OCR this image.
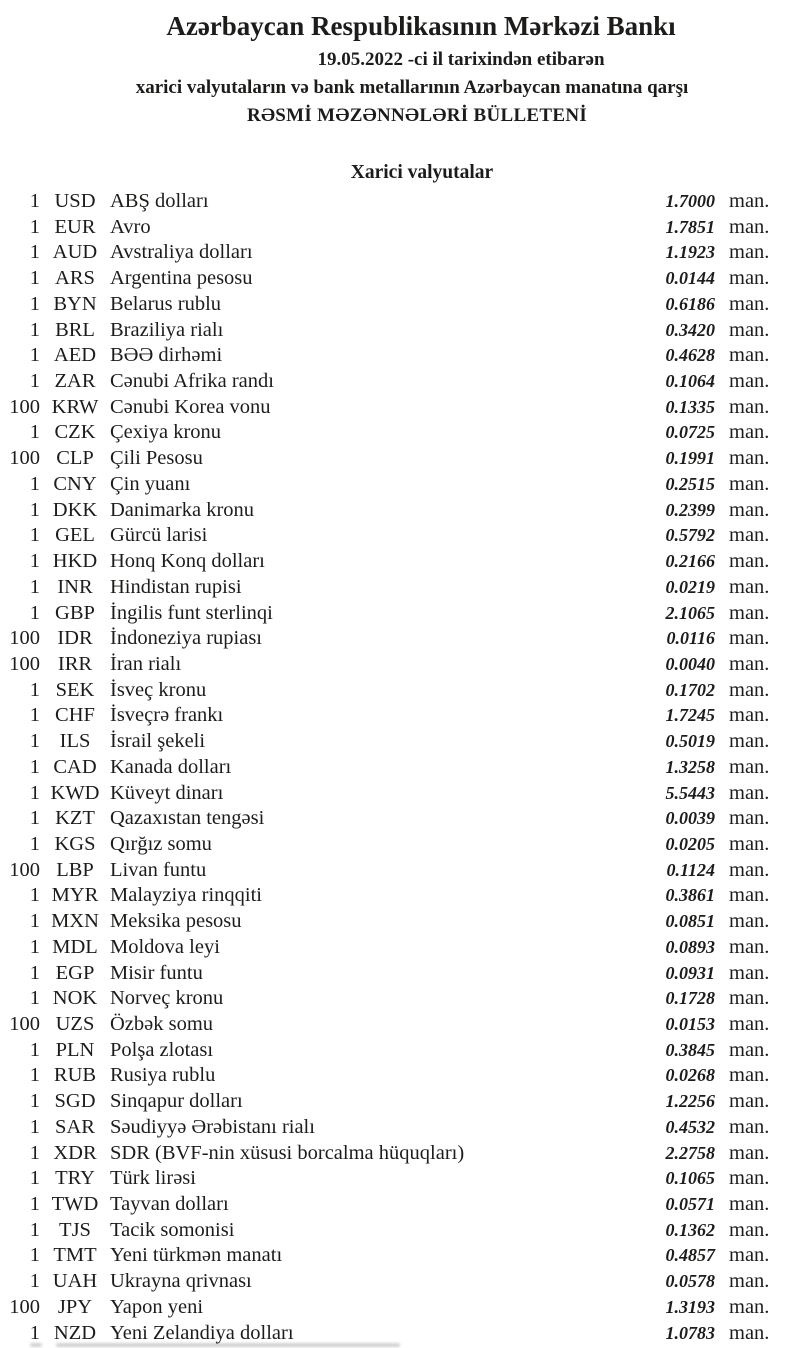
Azərbaycan Respublikasının Mərkəzi Bankı
19.05.2022 -ci il tarixindən etibarən
xarici valyutaların və bank metallarının Azərbaycan manatına qarşı
RƏSMİ MƏZƏNNƏLƏRİ BÜLLETENİ
Xarici valyutalar
1 USD ABŞ dolları	1.7000 man.
1 EUR Avro	1.7851 man.
1 AUD Avstraliya dolları	1.1923 man.
1 ARS Argentina pesosu	0.0144 man.
1 BYN Belarus rublu	0.6186 man.
1 BRL Braziliya rialı	0.3420 man.
1 AED BƏƏ dirhəmi	0.4628 man.
1 ZAR Cənubi Afrika randı	0.1064 man.
100 KRW Cənubi Korea vonu	0.1335 man.
1 CZK Çexiya kronu	0.0725 man.
100 CLP Çili Pesosu	0.1991 man.
1 CNY Çin yuanı	0.2515 man.
1 DKK Danimarka kronu	0.2399 man.
1 GEL Gürcü larisi	0.5792 man.
1 HKD Honq Konq dolları	0.2166 man.
1 INR Hindistan rupisi	0.0219 man.
1 GBP İngilis funt sterlinqi	2.1065 man.
100 IDR İndoneziya rupiası	0.0116 man.
100 IRR İran rialı	0.0040 man.
1 SEK İsveç kronu	0.1702 man.
1 CHF İsveçrə frankı	1.7245 man.
1 ILS İsrail şekeli	0.5019 man.
1 CAD Kanada dolları	1.3258 man.
1 KWD Küveyt dinarı	5.5443 man.
1 KZT Qazaxıstan tengəsi	0.0039 man.
1 KGS Qırğız somu	0.0205 man.
100 LBP Livan funtu	0.1124 man.
1 MYR Malayziya rinqqiti	0.3861 man.
1 MXN Meksika pesosu	0.0851 man.
1 MDL Moldova leyi	0.0893 man.
1 EGP Misir funtu	0.0931 man.
1 NOK Norveç kronu	0.1728 man.
100 UZS Özbək somu	0.0153 man.
1 PLN Polşa zlotası	0.3845 man.
1 RUB Rusiya rublu	0.0268 man.
1 SGD Sinqapur dolları	1.2256 man.
1 SAR Səudiyyə Ərəbistanı rialı	0.4532 man.
1 XDR SDR (BVF-nin xüsusi borcalma hüquqları)	2.2758 man.
1 TRY Türk lirəsi	0.1065 man.
1 TWD Tayvan dolları	0.0571 man.
1 TJS Tacik somonisi	0.1362 man.
1 TMT Yeni türkmən manatı	0.4857 man.
1 UAH Ukrayna qrivnası	0.0578 man.
100 JPY Yapon yeni	1.3193 man.
1 NZD Yeni Zelandiya dolları	1.0783 man.
